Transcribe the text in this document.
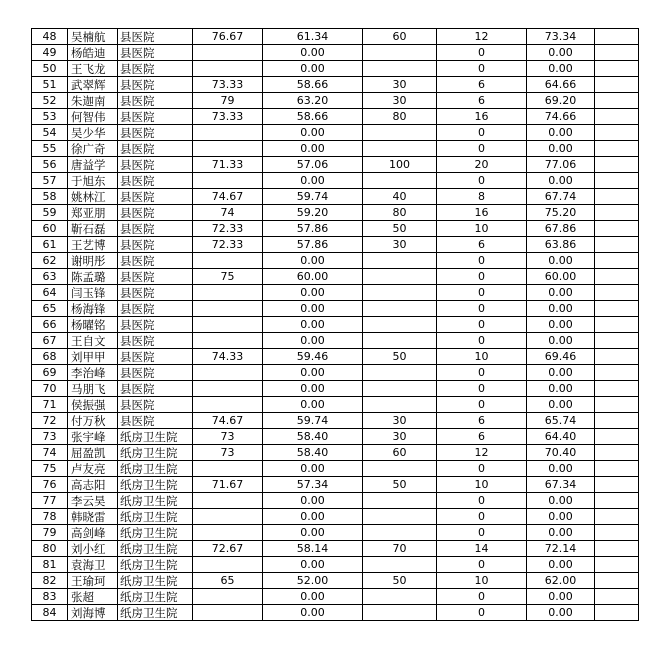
48	吴楠航	县医院	76.67	61.34	60	12	73.34	
49	杨皓迪	县医院		0.00		0	0.00	
50	王飞龙	县医院		0.00		0	0.00	
51	武翠辉	县医院	73.33	58.66	30	6	64.66	
52	朱迦南	县医院	79	63.20	30	6	69.20	
53	何智伟	县医院	73.33	58.66	80	16	74.66	
54	吴少华	县医院		0.00		0	0.00	
55	徐广奇	县医院		0.00		0	0.00	
56	唐益学	县医院	71.33	57.06	100	20	77.06	
57	于旭东	县医院		0.00		0	0.00	
58	姚林江	县医院	74.67	59.74	40	8	67.74	
59	郑亚朋	县医院	74	59.20	80	16	75.20	
60	靳石磊	县医院	72.33	57.86	50	10	67.86	
61	王艺博	县医院	72.33	57.86	30	6	63.86	
62	谢明彤	县医院		0.00		0	0.00	
63	陈孟璐	县医院	75	60.00		0	60.00	
64	闫玉锋	县医院		0.00		0	0.00	
65	杨海锋	县医院		0.00		0	0.00	
66	杨曜铭	县医院		0.00		0	0.00	
67	王自文	县医院		0.00		0	0.00	
68	刘甲甲	县医院	74.33	59.46	50	10	69.46	
69	李治峰	县医院		0.00		0	0.00	
70	马朋飞	县医院		0.00		0	0.00	
71	侯振强	县医院		0.00		0	0.00	
72	付万秋	县医院	74.67	59.74	30	6	65.74	
73	张宇峰	纸房卫生院	73	58.40	30	6	64.40	
74	屈盈凯	纸房卫生院	73	58.40	60	12	70.40	
75	卢友亮	纸房卫生院		0.00		0	0.00	
76	高志阳	纸房卫生院	71.67	57.34	50	10	67.34	
77	李云昊	纸房卫生院		0.00		0	0.00	
78	韩晓雷	纸房卫生院		0.00		0	0.00	
79	高剑峰	纸房卫生院		0.00		0	0.00	
80	刘小红	纸房卫生院	72.67	58.14	70	14	72.14	
81	袁海卫	纸房卫生院		0.00		0	0.00	
82	王瑜珂	纸房卫生院	65	52.00	50	10	62.00	
83	张超	纸房卫生院		0.00		0	0.00	
84	刘海博	纸房卫生院		0.00		0	0.00	
